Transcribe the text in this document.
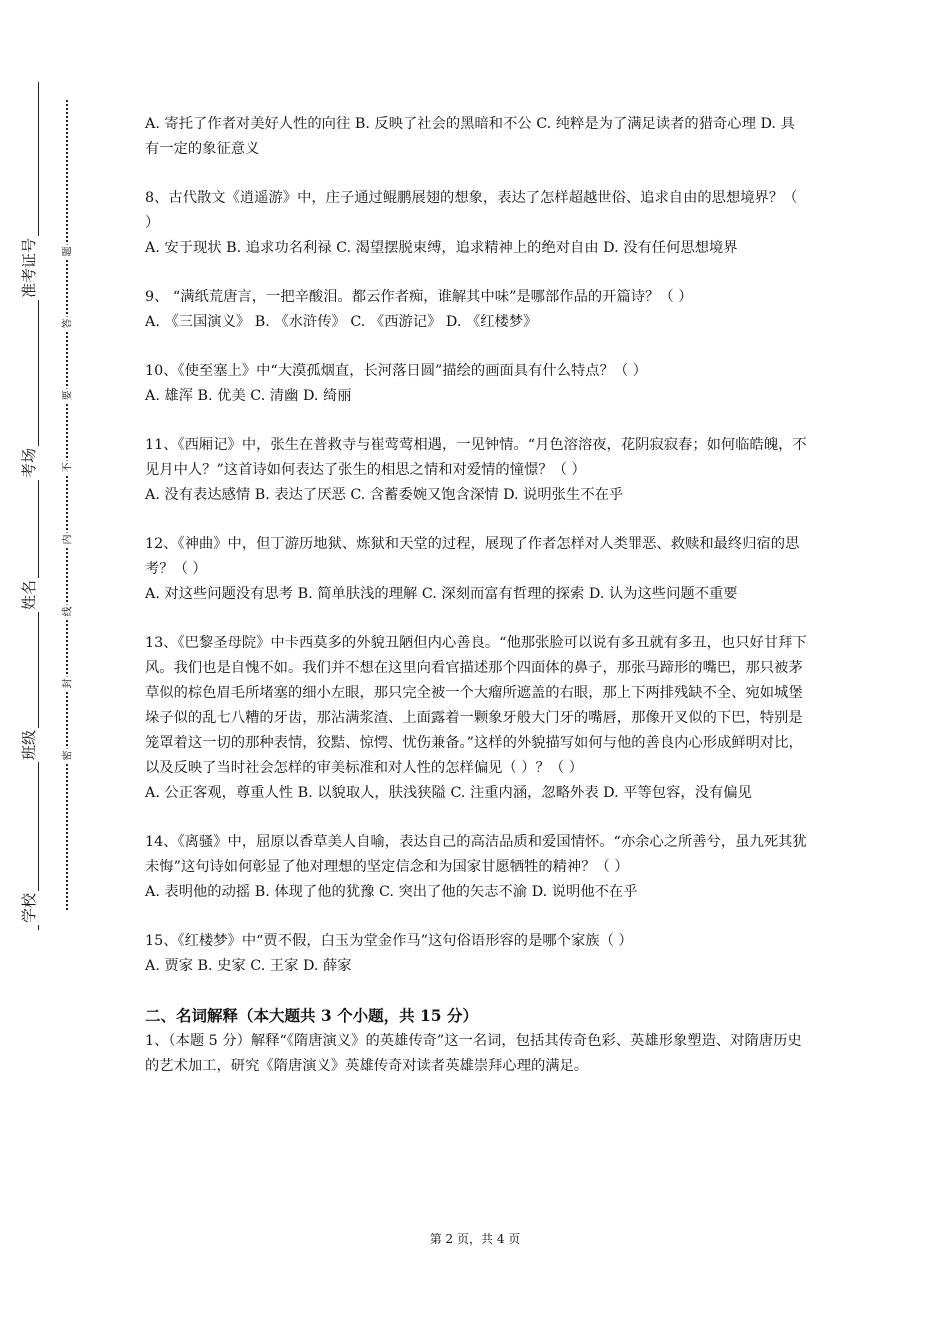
准考证号
考场
姓名
班级
学校
题
答
要
不
内
线
封
密

A. 寄托了作者对美好人性的向往 B. 反映了社会的黑暗和不公 C. 纯粹是为了满足读者的猎奇心理 D. 具有一定的象征意义

8、古代散文《逍遥游》中，庄子通过鲲鹏展翅的想象，表达了怎样超越世俗、追求自由的思想境界？（ ）

A. 安于现状 B. 追求功名利禄 C. 渴望摆脱束缚，追求精神上的绝对自由 D. 没有任何思想境界

9、 “满纸荒唐言，一把辛酸泪。都云作者痴，谁解其中味”是哪部作品的开篇诗？（ ）

A. 《三国演义》 B. 《水浒传》 C. 《西游记》 D. 《红楼梦》

10、《使至塞上》中“大漠孤烟直，长河落日圆”描绘的画面具有什么特点？（ ）

A. 雄浑 B. 优美 C. 清幽 D. 绮丽

11、《西厢记》中，张生在普救寺与崔莺莺相遇，一见钟情。“月色溶溶夜，花阴寂寂春；如何临皓魄，不见月中人？”这首诗如何表达了张生的相思之情和对爱情的憧憬？（ ）

A. 没有表达感情 B. 表达了厌恶 C. 含蓄委婉又饱含深情 D. 说明张生不在乎

12、《神曲》中，但丁游历地狱、炼狱和天堂的过程，展现了作者怎样对人类罪恶、救赎和最终归宿的思考？（ ）

A. 对这些问题没有思考 B. 简单肤浅的理解 C. 深刻而富有哲理的探索 D. 认为这些问题不重要

13、《巴黎圣母院》中卡西莫多的外貌丑陋但内心善良。“他那张脸可以说有多丑就有多丑，也只好甘拜下风。我们也是自愧不如。我们并不想在这里向看官描述那个四面体的鼻子，那张马蹄形的嘴巴，那只被茅草似的棕色眉毛所堵塞的细小左眼，那只完全被一个大瘤所遮盖的右眼，那上下两排残缺不全、宛如城堡垛子似的乱七八糟的牙齿，那沾满浆渣、上面露着一颗象牙般大门牙的嘴唇，那像开叉似的下巴，特别是笼罩着这一切的那种表情，狡黠、惊愕、忧伤兼备。”这样的外貌描写如何与他的善良内心形成鲜明对比，以及反映了当时社会怎样的审美标准和对人性的怎样偏见（ ）？（ ）

A. 公正客观，尊重人性 B. 以貌取人，肤浅狭隘 C. 注重内涵，忽略外表 D. 平等包容，没有偏见

14、《离骚》中，屈原以香草美人自喻，表达自己的高洁品质和爱国情怀。“亦余心之所善兮，虽九死其犹未悔”这句诗如何彰显了他对理想的坚定信念和为国家甘愿牺牲的精神？（ ）

A. 表明他的动摇 B. 体现了他的犹豫 C. 突出了他的矢志不渝 D. 说明他不在乎

15、《红楼梦》中“贾不假，白玉为堂金作马”这句俗语形容的是哪个家族（ ）

A. 贾家 B. 史家 C. 王家 D. 薛家

二、名词解释（本大题共 3 个小题，共 15 分）

1、（本题 5 分）解释“《隋唐演义》的英雄传奇”这一名词，包括其传奇色彩、英雄形象塑造、对隋唐历史的艺术加工，研究《隋唐演义》英雄传奇对读者英雄崇拜心理的满足。

第 2 页，共 4 页
